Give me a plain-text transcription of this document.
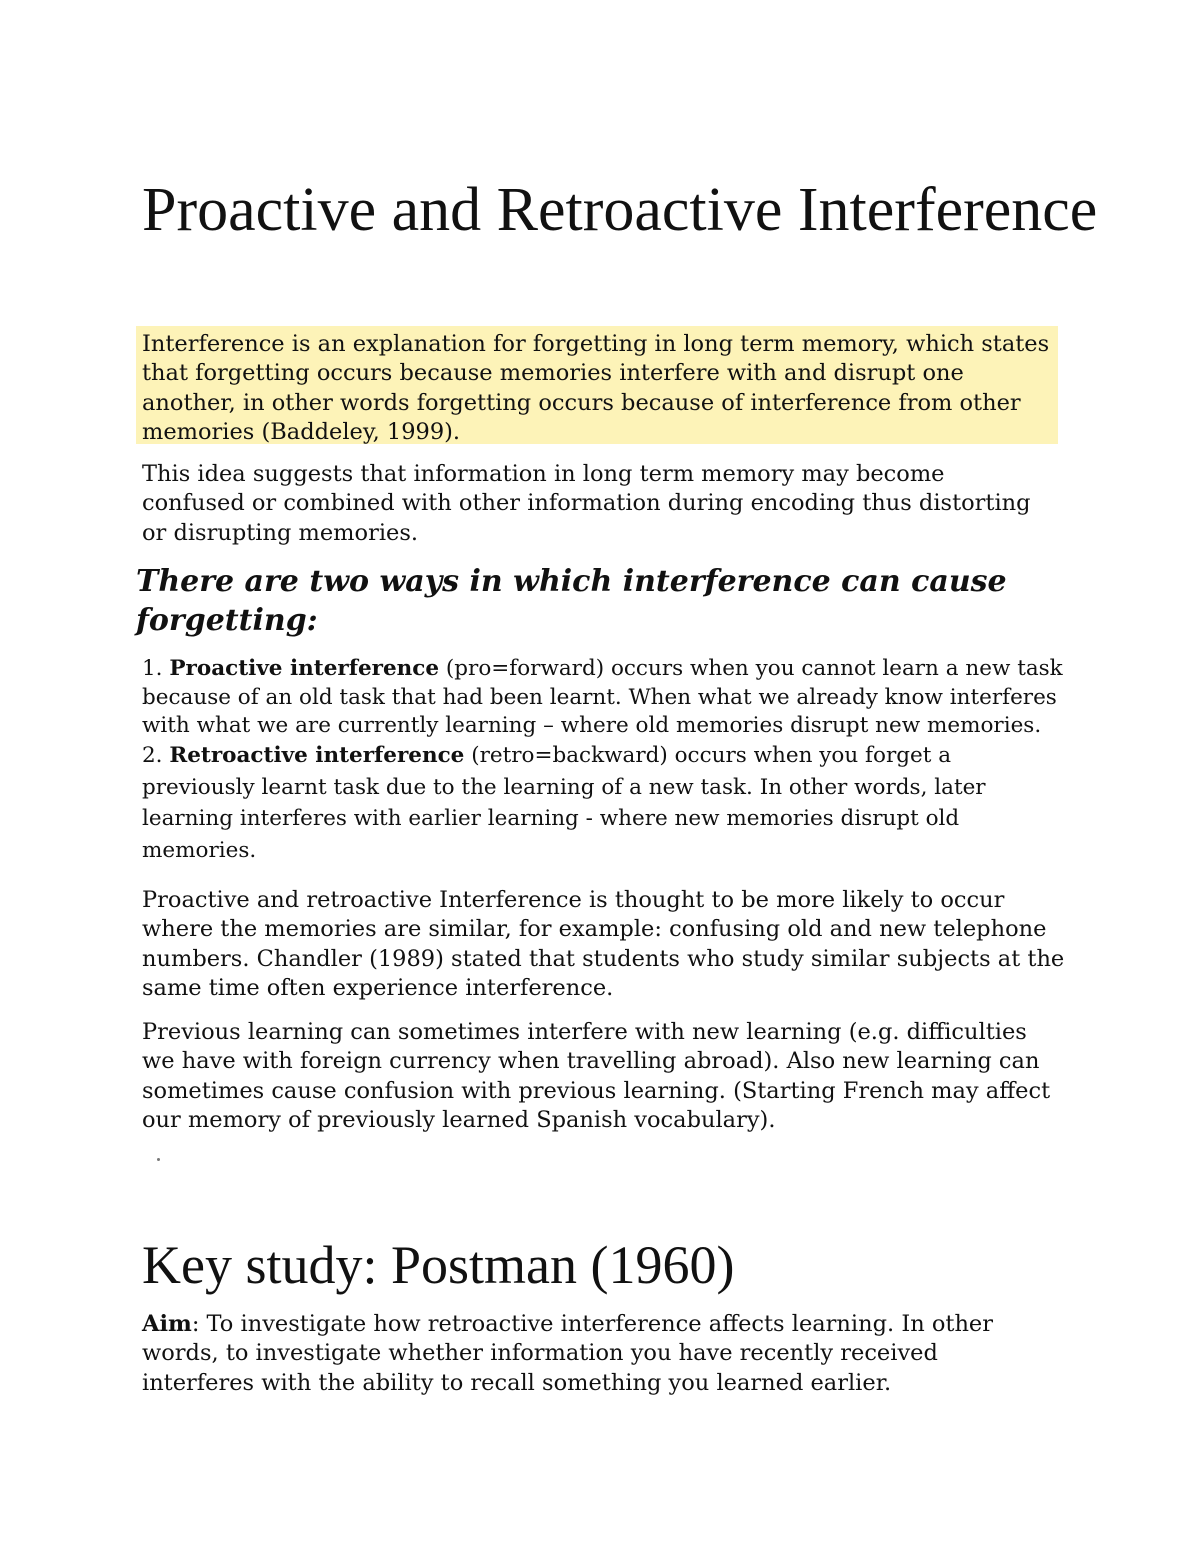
Proactive and Retroactive Interference

Interference is an explanation for forgetting in long term memory, which states that forgetting occurs because memories interfere with and disrupt one another, in other words forgetting occurs because of interference from other memories (Baddeley, 1999).

This idea suggests that information in long term memory may become confused or combined with other information during encoding thus distorting or disrupting memories.

There are two ways in which interference can cause forgetting:

1. Proactive interference (pro=forward) occurs when you cannot learn a new task because of an old task that had been learnt. When what we already know interferes with what we are currently learning – where old memories disrupt new memories.

2. Retroactive interference (retro=backward) occurs when you forget a previously learnt task due to the learning of a new task. In other words, later learning interferes with earlier learning - where new memories disrupt old memories.

Proactive and retroactive Interference is thought to be more likely to occur where the memories are similar, for example: confusing old and new telephone numbers. Chandler (1989) stated that students who study similar subjects at the same time often experience interference.

Previous learning can sometimes interfere with new learning (e.g. difficulties we have with foreign currency when travelling abroad). Also new learning can sometimes cause confusion with previous learning. (Starting French may affect our memory of previously learned Spanish vocabulary).

Key study: Postman (1960)

Aim: To investigate how retroactive interference affects learning. In other words, to investigate whether information you have recently received interferes with the ability to recall something you learned earlier.
